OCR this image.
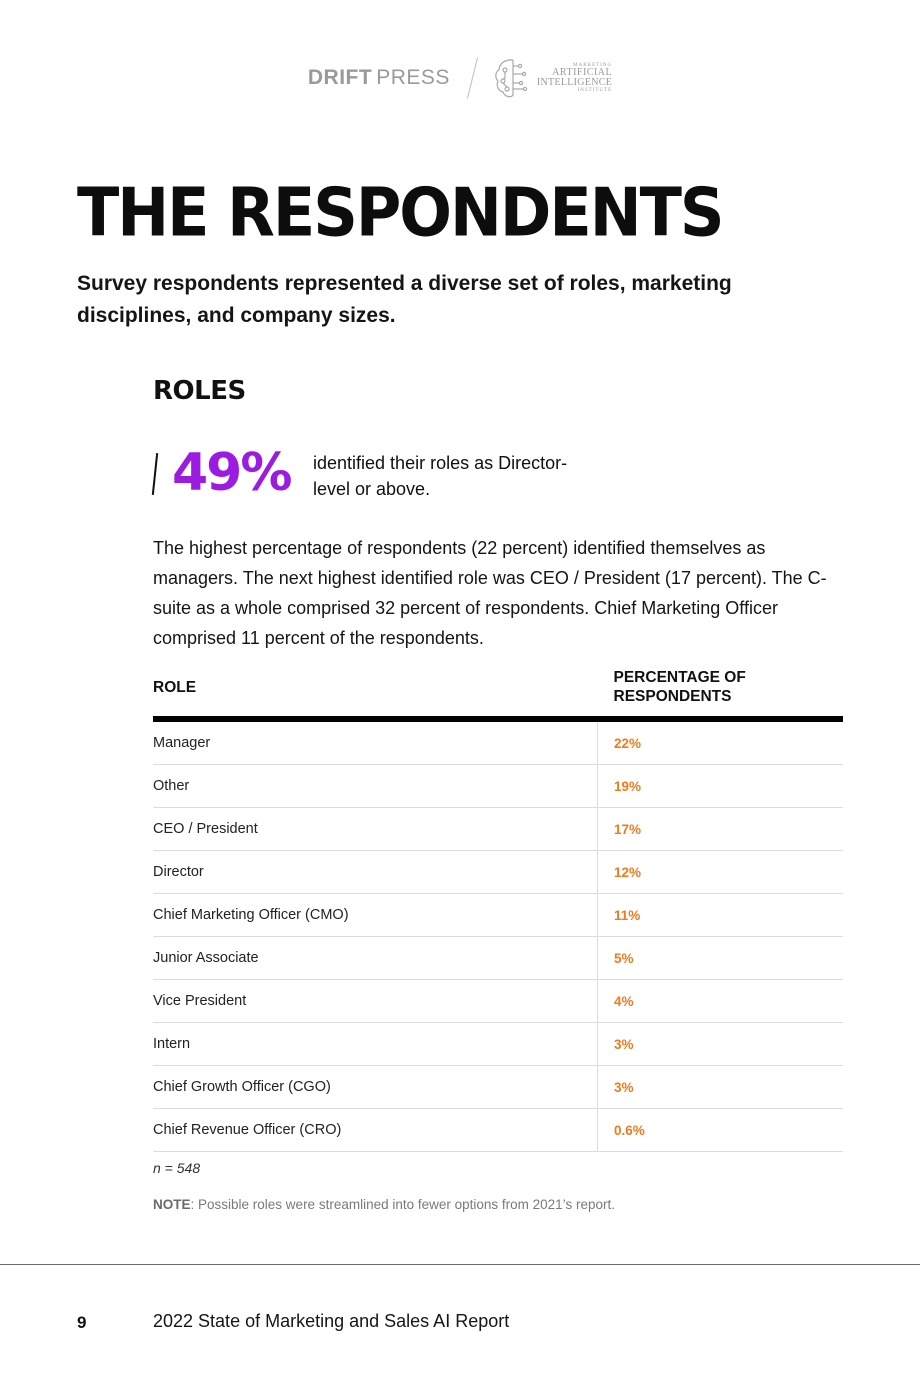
DRIFT PRESS
MARKETING
ARTIFICIAL
INTELLIGENCE
INSTITUTE
THE RESPONDENTS

Survey respondents represented a diverse set of roles, marketing disciplines, and company sizes.

ROLES
49% identified their roles as Director-level or above.

The highest percentage of respondents (22 percent) identified themselves as managers. The next highest identified role was CEO / President (17 percent). The C-suite as a whole comprised 32 percent of respondents. Chief Marketing Officer comprised 11 percent of the respondents.

ROLE	PERCENTAGE OF RESPONDENTS
Manager	22%
Other	19%
CEO / President	17%
Director	12%
Chief Marketing Officer (CMO)	11%
Junior Associate	5%
Vice President	4%
Intern	3%
Chief Growth Officer (CGO)	3%
Chief Revenue Officer (CRO)	0.6%
n = 548
NOTE: Possible roles were streamlined into fewer options from 2021’s report.
9	2022 State of Marketing and Sales AI Report
